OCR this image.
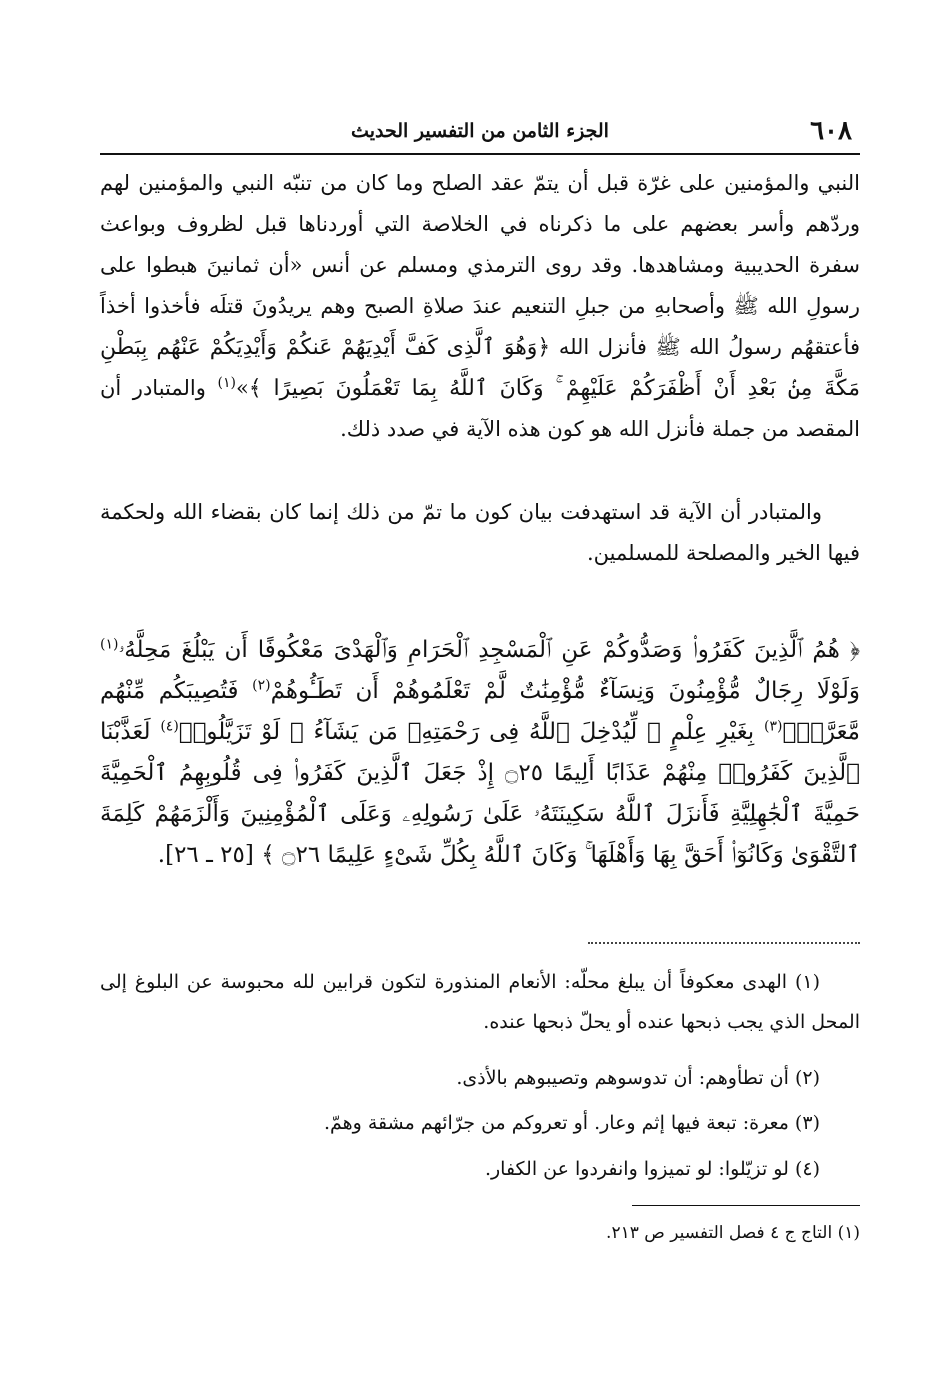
٦٠٨
الجزء الثامن من التفسير الحديث
النبي والمؤمنين على غرّة قبل أن يتمّ عقد الصلح وما كان من تنبّه النبي والمؤمنين لهم وردّهم وأسر بعضهم على ما ذكرناه في الخلاصة التي أوردناها قبل لظروف وبواعث سفرة الحديبية ومشاهدها. وقد روى الترمذي ومسلم عن أنس «أن ثمانينَ هبطوا على رسولِ الله ﷺ وأصحابهِ من جبلِ التنعيم عندَ صلاةِ الصبح وهم يريدُونَ قتلَه فأخذوا أخذاً فأعتقهُم رسولُ الله ﷺ فأنزل الله ﴿وَهُوَ ٱلَّذِى كَفَّ أَيْدِيَهُمْ عَنكُمْ وَأَيْدِيَكُمْ عَنْهُم بِبَطْنِ مَكَّةَ مِنۢ بَعْدِ أَنْ أَظْفَرَكُمْ عَلَيْهِمْ ۚ وَكَانَ ٱللَّهُ بِمَا تَعْمَلُونَ بَصِيرًا ﴾»$^{(١)}$ والمتبادر أن المقصد من جملة فأنزل الله هو كون هذه الآية في صدد ذلك.
والمتبادر أن الآية قد استهدفت بيان كون ما تمّ من ذلك إنما كان بقضاء الله ولحكمة فيها الخير والمصلحة للمسلمين.
﴿ هُمُ ٱلَّذِينَ كَفَرُوا۟ وَصَدُّوكُمْ عَنِ ٱلْمَسْجِدِ ٱلْحَرَامِ وَٱلْهَدْىَ مَعْكُوفًا أَن يَبْلُغَ مَحِلَّهُۥ$^{(١)}$ وَلَوْلَا رِجَالٌ مُّؤْمِنُونَ وَنِسَآءٌ مُّؤْمِنَٰتٌ لَّمْ تَعْلَمُوهُمْ أَن تَطَـُٔوهُمْ$^{(٢)}$ فَتُصِيبَكُم مِّنْهُم مَّعَرَّةٌۢ$^{(٣)}$ بِغَيْرِ عِلْمٍ ۖ لِّيُدْخِلَ ٱللَّهُ فِى رَحْمَتِهِۦ مَن يَشَآءُ ۚ لَوْ تَزَيَّلُوا۟$^{(٤)}$ لَعَذَّبْنَا ٱلَّذِينَ كَفَرُوا۟ مِنْهُمْ عَذَابًا أَلِيمًا ۝٢٥ إِذْ جَعَلَ ٱلَّذِينَ كَفَرُوا۟ فِى قُلُوبِهِمُ ٱلْحَمِيَّةَ حَمِيَّةَ ٱلْجَٰهِلِيَّةِ فَأَنزَلَ ٱللَّهُ سَكِينَتَهُۥ عَلَىٰ رَسُولِهِۦ وَعَلَى ٱلْمُؤْمِنِينَ وَأَلْزَمَهُمْ كَلِمَةَ ٱلتَّقْوَىٰ وَكَانُوٓا۟ أَحَقَّ بِهَا وَأَهْلَهَا ۚ وَكَانَ ٱللَّهُ بِكُلِّ شَىْءٍ عَلِيمًا ۝٢٦ ﴾ [٢٥ ـ ٢٦].
(١) الهدى معكوفاً أن يبلغ محلّه: الأنعام المنذورة لتكون قرابين لله محبوسة عن البلوغ إلى المحل الذي يجب ذبحها عنده أو يحلّ ذبحها عنده.
(٢) أن تطأوهم: أن تدوسوهم وتصيبوهم بالأذى.
(٣) معرة: تبعة فيها إثم وعار. أو تعروكم من جرّائهم مشقة وهمّ.
(٤) لو تزيّلوا: لو تميزوا وانفردوا عن الكفار.
(١) التاج ج ٤ فصل التفسير ص ٢١٣.
